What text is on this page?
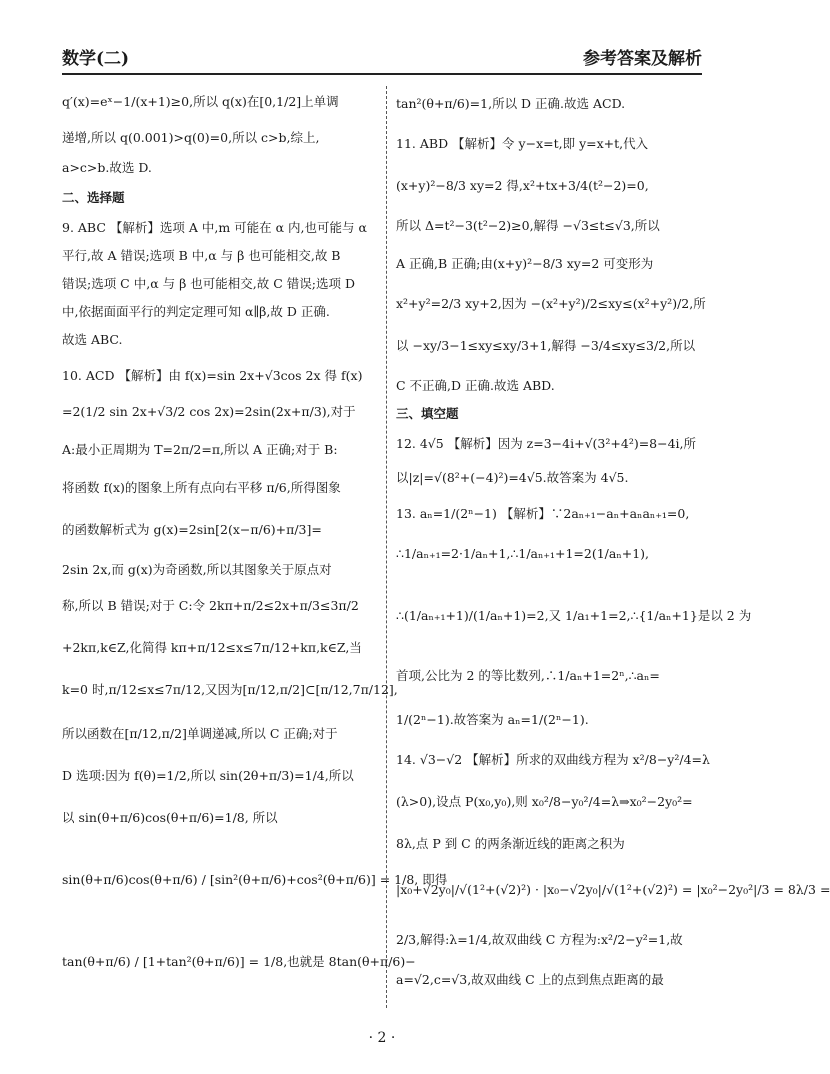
数学(二)	参考答案及解析
q′(x)=eˣ−1/(x+1)≥0,所以 q(x)在[0,1/2]上单调
递增,所以 q(0.001)>q(0)=0,所以 c>b,综上,
a>c>b.故选 D.
二、选择题
9. ABC 【解析】选项 A 中,m 可能在 α 内,也可能与 α
平行,故 A 错误;选项 B 中,α 与 β 也可能相交,故 B
错误;选项 C 中,α 与 β 也可能相交,故 C 错误;选项 D
中,依据面面平行的判定定理可知 α∥β,故 D 正确.
故选 ABC.
10. ACD 【解析】由 f(x)=sin 2x+√3cos 2x 得 f(x)
=2(1/2 sin 2x+√3/2 cos 2x)=2sin(2x+π/3),对于
A:最小正周期为 T=2π/2=π,所以 A 正确;对于 B:
将函数 f(x)的图象上所有点向右平移 π/6,所得图象
的函数解析式为 g(x)=2sin[2(x−π/6)+π/3]=
2sin 2x,而 g(x)为奇函数,所以其图象关于原点对
称,所以 B 错误;对于 C:令 2kπ+π/2≤2x+π/3≤3π/2
+2kπ,k∈Z,化简得 kπ+π/12≤x≤7π/12+kπ,k∈Z,当
k=0 时,π/12≤x≤7π/12,又因为[π/12,π/2]⊂[π/12,7π/12],
所以函数在[π/12,π/2]单调递减,所以 C 正确;对于
D 选项:因为 f(θ)=1/2,所以 sin(2θ+π/3)=1/4,所以
以 sin(θ+π/6)cos(θ+π/6)=1/8, 所以
sin(θ+π/6)cos(θ+π/6) / [sin²(θ+π/6)+cos²(θ+π/6)] = 1/8, 即得
tan(θ+π/6) / [1+tan²(θ+π/6)] = 1/8,也就是 8tan(θ+π/6)−
tan²(θ+π/6)=1,所以 D 正确.故选 ACD.
11. ABD 【解析】令 y−x=t,即 y=x+t,代入
(x+y)²−8/3 xy=2 得,x²+tx+3/4(t²−2)=0,
所以 Δ=t²−3(t²−2)≥0,解得 −√3≤t≤√3,所以
A 正确,B 正确;由(x+y)²−8/3 xy=2 可变形为
x²+y²=2/3 xy+2,因为 −(x²+y²)/2≤xy≤(x²+y²)/2,所
以 −xy/3−1≤xy≤xy/3+1,解得 −3/4≤xy≤3/2,所以
C 不正确,D 正确.故选 ABD.
三、填空题
12. 4√5 【解析】因为 z=3−4i+√(3²+4²)=8−4i,所
以|z|=√(8²+(−4)²)=4√5.故答案为 4√5.
13. aₙ=1/(2ⁿ−1) 【解析】∵2aₙ₊₁−aₙ+aₙaₙ₊₁=0,
∴1/aₙ₊₁=2·1/aₙ+1,∴1/aₙ₊₁+1=2(1/aₙ+1),
∴(1/aₙ₊₁+1)/(1/aₙ+1)=2,又 1/a₁+1=2,∴{1/aₙ+1}是以 2 为
首项,公比为 2 的等比数列,∴1/aₙ+1=2ⁿ,∴aₙ=
1/(2ⁿ−1).故答案为 aₙ=1/(2ⁿ−1).
14. √3−√2 【解析】所求的双曲线方程为 x²/8−y²/4=λ
(λ>0),设点 P(x₀,y₀),则 x₀²/8−y₀²/4=λ⇒x₀²−2y₀²=
8λ,点 P 到 C 的两条渐近线的距离之积为
|x₀+√2y₀|/√(1²+(√2)²) · |x₀−√2y₀|/√(1²+(√2)²) = |x₀²−2y₀²|/3 = 8λ/3 =
2/3,解得:λ=1/4,故双曲线 C 方程为:x²/2−y²=1,故
a=√2,c=√3,故双曲线 C 上的点到焦点距离的最
· 2 ·
